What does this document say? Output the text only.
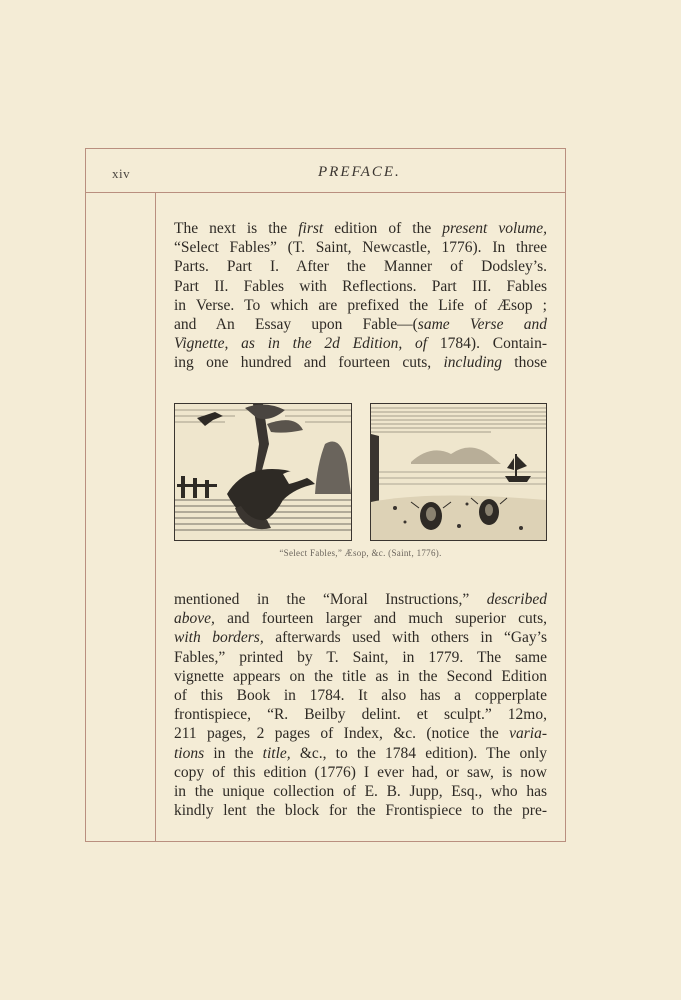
xiv	PREFACE.

The next is the first edition of the present volume,
“Select Fables” (T. Saint, Newcastle, 1776). In three
Parts. Part I. After the Manner of Dodsley’s.
Part II. Fables with Reflections. Part III. Fables
in Verse. To which are prefixed the Life of Æsop ;
and An Essay upon Fable—(same Verse and
Vignette, as in the 2d Edition, of 1784). Contain-
ing one hundred and fourteen cuts, including those

“Select Fables,” Æsop, &c. (Saint, 1776).

mentioned in the “Moral Instructions,” described
above, and fourteen larger and much superior cuts,
with borders, afterwards used with others in “Gay’s
Fables,” printed by T. Saint, in 1779. The same
vignette appears on the title as in the Second Edition
of this Book in 1784. It also has a copperplate
frontispiece, “R. Beilby delint. et sculpt.” 12mo,
211 pages, 2 pages of Index, &c. (notice the varia-
tions in the title, &c., to the 1784 edition). The only
copy of this edition (1776) I ever had, or saw, is now
in the unique collection of E. B. Jupp, Esq., who has
kindly lent the block for the Frontispiece to the pre-
